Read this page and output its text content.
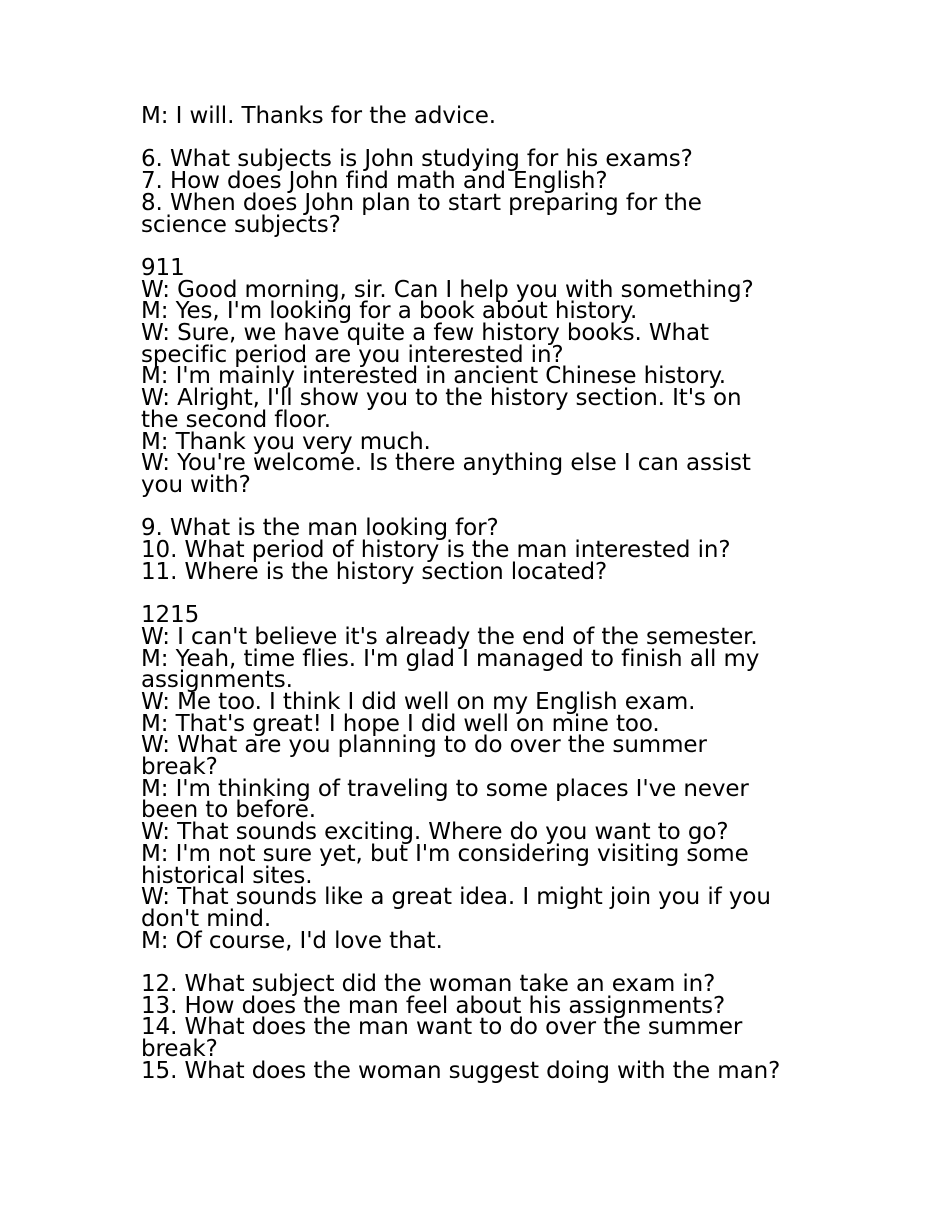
M: I will. Thanks for the advice.
6. What subjects is John studying for his exams?
7. How does John find math and English?
8. When does John plan to start preparing for the
science subjects?
911
W: Good morning, sir. Can I help you with something?
M: Yes, I'm looking for a book about history.
W: Sure, we have quite a few history books. What
specific period are you interested in?
M: I'm mainly interested in ancient Chinese history.
W: Alright, I'll show you to the history section. It's on
the second floor.
M: Thank you very much.
W: You're welcome. Is there anything else I can assist
you with?
9. What is the man looking for?
10. What period of history is the man interested in?
11. Where is the history section located?
1215
W: I can't believe it's already the end of the semester.
M: Yeah, time flies. I'm glad I managed to finish all my
assignments.
W: Me too. I think I did well on my English exam.
M: That's great! I hope I did well on mine too.
W: What are you planning to do over the summer
break?
M: I'm thinking of traveling to some places I've never
been to before.
W: That sounds exciting. Where do you want to go?
M: I'm not sure yet, but I'm considering visiting some
historical sites.
W: That sounds like a great idea. I might join you if you
don't mind.
M: Of course, I'd love that.
12. What subject did the woman take an exam in?
13. How does the man feel about his assignments?
14. What does the man want to do over the summer
break?
15. What does the woman suggest doing with the man?
